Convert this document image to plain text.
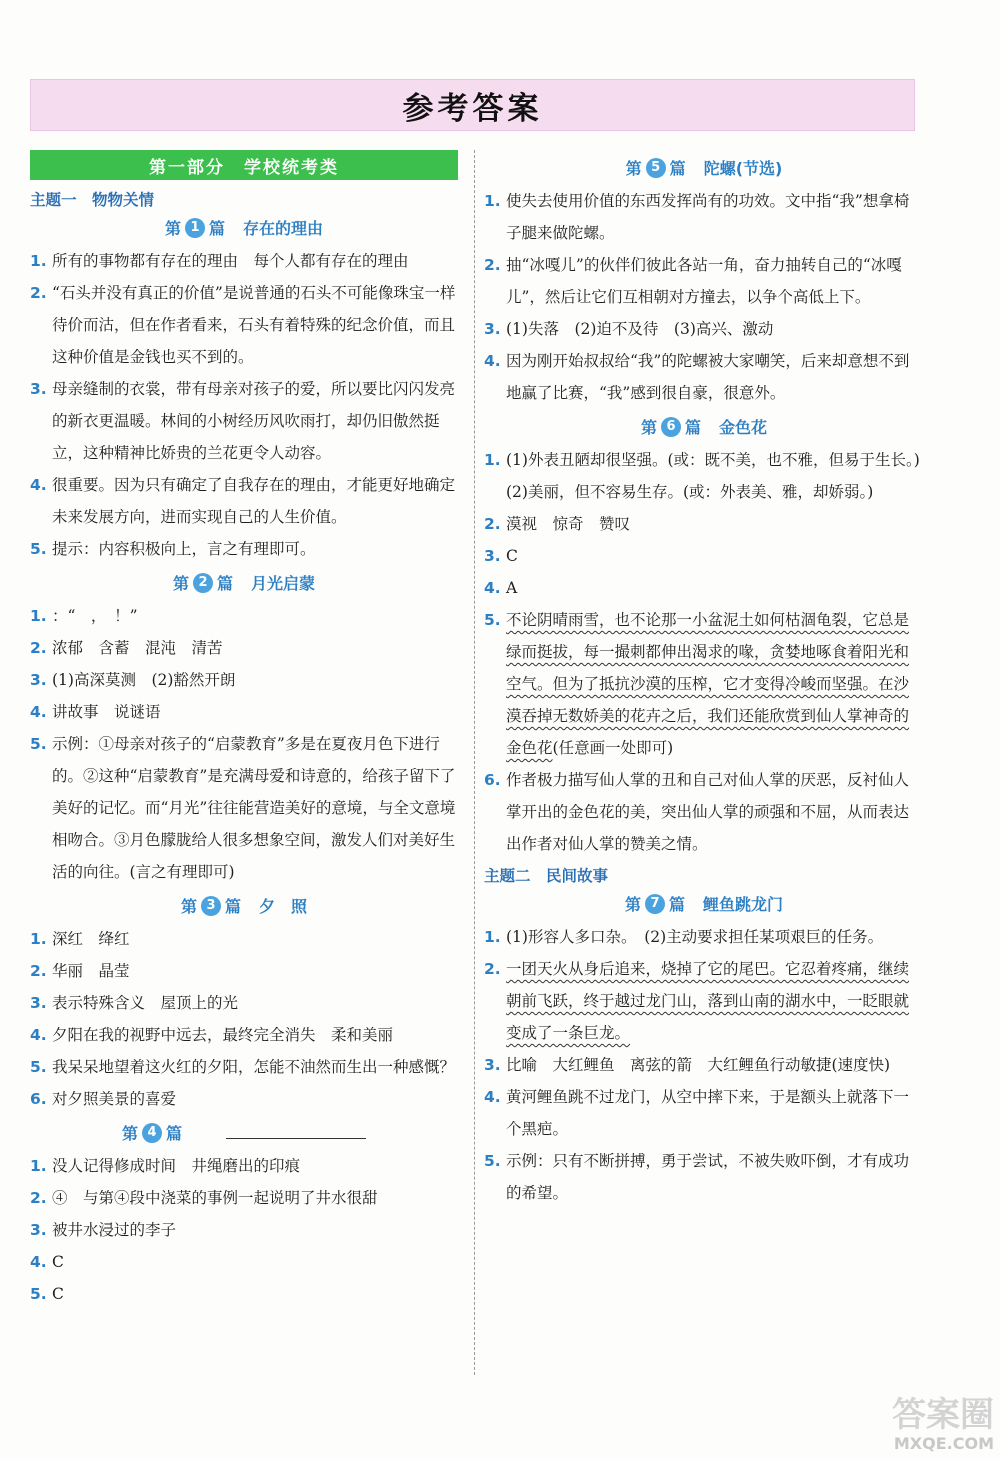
参考答案
第一部分　学校统考类
主题一　物物关情
第 1 篇 存在的理由
1. 所有的事物都有存在的理由　每个人都有存在的理由
2. “石头并没有真正的价值”是说普通的石头不可能像珠宝一样待价而沽，但在作者看来，石头有着特殊的纪念价值，而且这种价值是金钱也买不到的。
3. 母亲缝制的衣裳，带有母亲对孩子的爱，所以要比闪闪发亮的新衣更温暖。林间的小树经历风吹雨打，却仍旧傲然挺立，这种精神比娇贵的兰花更令人动容。
4. 很重要。因为只有确定了自我存在的理由，才能更好地确定未来发展方向，进而实现自己的人生价值。
5. 提示：内容积极向上，言之有理即可。
第 2 篇 月光启蒙
1. ：“　，　！”
2. 浓郁　含蓄　混沌　清苦
3. (1)高深莫测　(2)豁然开朗
4. 讲故事　说谜语
5. 示例：①母亲对孩子的“启蒙教育”多是在夏夜月色下进行的。②这种“启蒙教育”是充满母爱和诗意的，给孩子留下了美好的记忆。而“月光”往往能营造美好的意境，与全文意境相吻合。③月色朦胧给人很多想象空间，激发人们对美好生活的向往。(言之有理即可)
第 3 篇 夕　照
1. 深红　绛红
2. 华丽　晶莹
3. 表示特殊含义　屋顶上的光
4. 夕阳在我的视野中远去，最终完全消失　柔和美丽
5. 我呆呆地望着这火红的夕阳，怎能不油然而生出一种感慨？
6. 对夕照美景的喜爱
第 4 篇
1. 没人记得修成时间　井绳磨出的印痕
2. ④　与第④段中浇菜的事例一起说明了井水很甜
3. 被井水浸过的李子
4. C
5. C
第 5 篇 陀螺(节选)
1. 使失去使用价值的东西发挥尚有的功效。文中指“我”想拿椅子腿来做陀螺。
2. 抽“冰嘎儿”的伙伴们彼此各站一角，奋力抽转自己的“冰嘎儿”，然后让它们互相朝对方撞去，以争个高低上下。
3. (1)失落　(2)迫不及待　(3)高兴、激动
4. 因为刚开始叔叔给“我”的陀螺被大家嘲笑，后来却意想不到地赢了比赛，“我”感到很自豪，很意外。
第 6 篇 金色花
1. (1)外表丑陋却很坚强。(或：既不美，也不雅，但易于生长。)　(2)美丽，但不容易生存。(或：外表美、雅，却娇弱。)
2. 漠视　惊奇　赞叹
3. C
4. A
5. 不论阴晴雨雪，也不论那一小盆泥土如何枯涸龟裂，它总是绿而挺拔，每一撮刺都伸出渴求的喙，贪婪地啄食着阳光和空气。但为了抵抗沙漠的压榨，它才变得冷峻而坚强。在沙漠吞掉无数娇美的花卉之后，我们还能欣赏到仙人掌神奇的金色花(任意画一处即可)
6. 作者极力描写仙人掌的丑和自己对仙人掌的厌恶，反衬仙人掌开出的金色花的美，突出仙人掌的顽强和不屈，从而表达出作者对仙人掌的赞美之情。
主题二　民间故事
第 7 篇 鲤鱼跳龙门
1. (1)形容人多口杂。　(2)主动要求担任某项艰巨的任务。
2. 一团天火从身后追来，烧掉了它的尾巴。它忍着疼痛，继续朝前飞跃，终于越过龙门山，落到山南的湖水中，一眨眼就变成了一条巨龙。
3. 比喻　大红鲤鱼　离弦的箭　大红鲤鱼行动敏捷(速度快)
4. 黄河鲤鱼跳不过龙门，从空中摔下来，于是额头上就落下一个黑疤。
5. 示例：只有不断拼搏，勇于尝试，不被失败吓倒，才有成功的希望。
答案圈
MXQE.COM
